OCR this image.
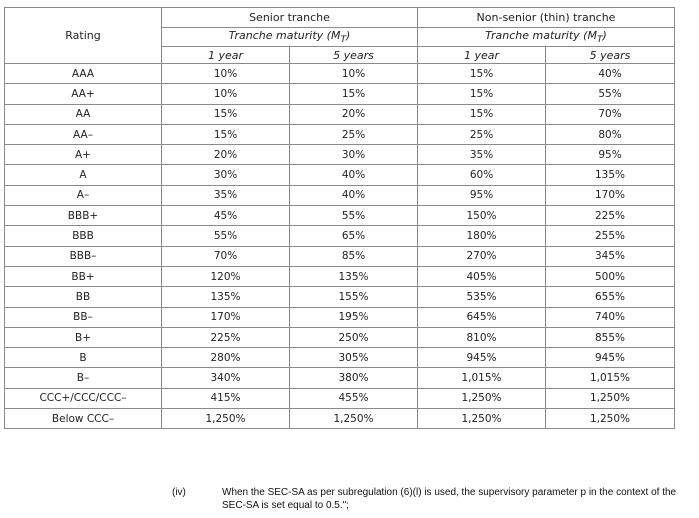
Rating	Senior tranche		Non-senior (thin) tranche	
	Tranche maturity $(M_T)$		Tranche maturity $(M_T)$	
	1 year	5 years	1 year	5 years
AAA	10%	10%	15%	40%
AA+	10%	15%	15%	55%
AA	15%	20%	15%	70%
AA–	15%	25%	25%	80%
A+	20%	30%	35%	95%
A	30%	40%	60%	135%
A–	35%	40%	95%	170%
BBB+	45%	55%	150%	225%
BBB	55%	65%	180%	255%
BBB–	70%	85%	270%	345%
BB+	120%	135%	405%	500%
BB	135%	155%	535%	655%
BB–	170%	195%	645%	740%
B+	225%	250%	810%	855%
B	280%	305%	945%	945%
B–	340%	380%	1,015%	1,015%
CCC+/CCC/CCC–	415%	455%	1,250%	1,250%
Below CCC–	1,250%	1,250%	1,250%	1,250%
(iv)	When the SEC-SA as per subregulation (6)(l) is used, the supervisory parameter p in the context of the SEC-SA is set equal to 0.5.";
